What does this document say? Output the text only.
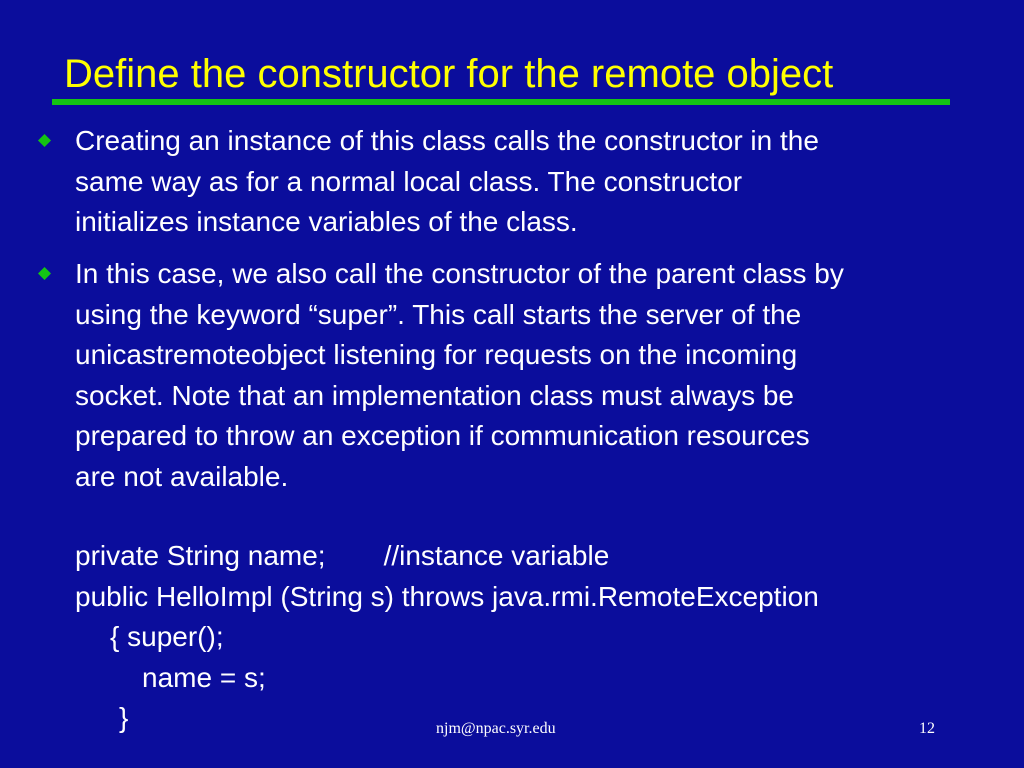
Define the constructor for the remote object
Creating an instance of this class calls the constructor in the
same way as for a normal local class. The constructor
initializes instance variables of the class.
In this case, we also call the constructor of the parent class by
using the keyword “super”. This call starts the server of the
unicastremoteobject listening for requests on the incoming
socket. Note that an implementation class must always be
prepared to throw an exception if communication resources
are not available.
private String name; //instance variable
public HelloImpl (String s) throws java.rmi.RemoteException
{ super();
name = s;
}	njm@npac.syr.edu	12
